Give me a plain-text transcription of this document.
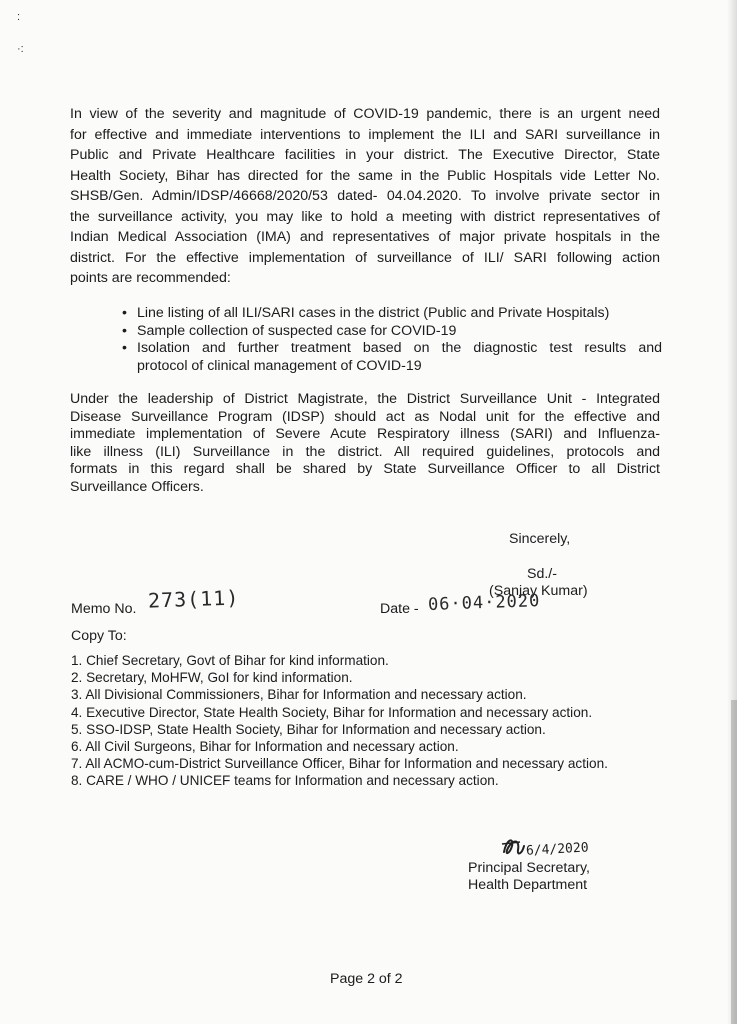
:
·:

In view of the severity and magnitude of COVID-19 pandemic, there is an urgent need
for effective and immediate interventions to implement the ILI and SARI surveillance in
Public and Private Healthcare facilities in your district. The Executive Director, State
Health Society, Bihar has directed for the same in the Public Hospitals vide Letter No.
SHSB/Gen. Admin/IDSP/46668/2020/53 dated- 04.04.2020. To involve private sector in
the surveillance activity, you may like to hold a meeting with district representatives of
Indian Medical Association (IMA) and representatives of major private hospitals in the
district. For the effective implementation of surveillance of ILI/ SARI following action
points are recommended:

• Line listing of all ILI/SARI cases in the district (Public and Private Hospitals)
• Sample collection of suspected case for COVID-19
• Isolation and further treatment based on the diagnostic test results and
protocol of clinical management of COVID-19

Under the leadership of District Magistrate, the District Surveillance Unit - Integrated
Disease Surveillance Program (IDSP) should act as Nodal unit for the effective and
immediate implementation of Severe Acute Respiratory illness (SARI) and Influenza-
like illness (ILI) Surveillance in the district. All required guidelines, protocols and
formats in this regard shall be shared by State Surveillance Officer to all District
Surveillance Officers.

Sincerely,
Sd./-
(Sanjay Kumar)
Memo No. 273(11)	Date - 06·04·2020
Copy To:
1. Chief Secretary, Govt of Bihar for kind information.
2. Secretary, MoHFW, GoI for kind information.
3. All Divisional Commissioners, Bihar for Information and necessary action.
4. Executive Director, State Health Society, Bihar for Information and necessary action.
5. SSO-IDSP, State Health Society, Bihar for Information and necessary action.
6. All Civil Surgeons, Bihar for Information and necessary action.
7. All ACMO-cum-District Surveillance Officer, Bihar for Information and necessary action.
8. CARE / WHO / UNICEF teams for Information and necessary action.
6/4/2020
Principal Secretary,
Health Department
Page 2 of 2
